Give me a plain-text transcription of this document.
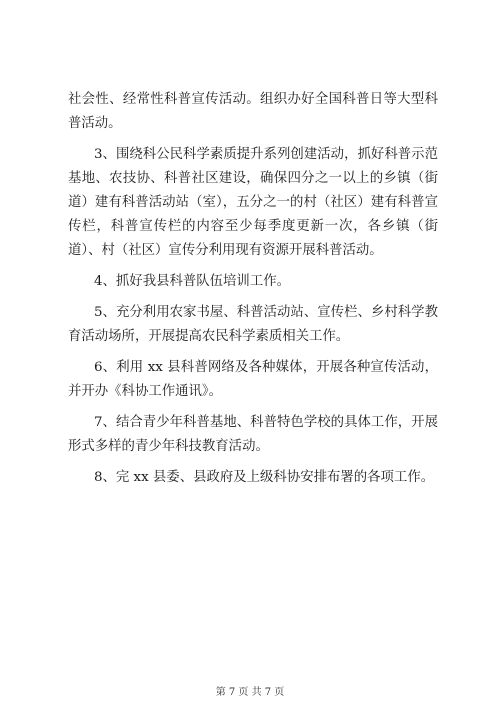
社会性、经常性科普宣传活动。组织办好全国科普日等大型科普活动。

3、围绕科公民科学素质提升系列创建活动，抓好科普示范基地、农技协、科普社区建设，确保四分之一以上的乡镇（街道）建有科普活动站（室），五分之一的村（社区）建有科普宣传栏，科普宣传栏的内容至少每季度更新一次，各乡镇（街道）、村（社区）宣传分利用现有资源开展科普活动。

4、抓好我县科普队伍培训工作。

5、充分利用农家书屋、科普活动站、宣传栏、乡村科学教育活动场所，开展提高农民科学素质相关工作。

6、利用 xx 县科普网络及各种媒体，开展各种宣传活动，并开办《科协工作通讯》。

7、结合青少年科普基地、科普特色学校的具体工作，开展形式多样的青少年科技教育活动。

8、完 xx 县委、县政府及上级科协安排布署的各项工作。

第 7 页 共 7 页
